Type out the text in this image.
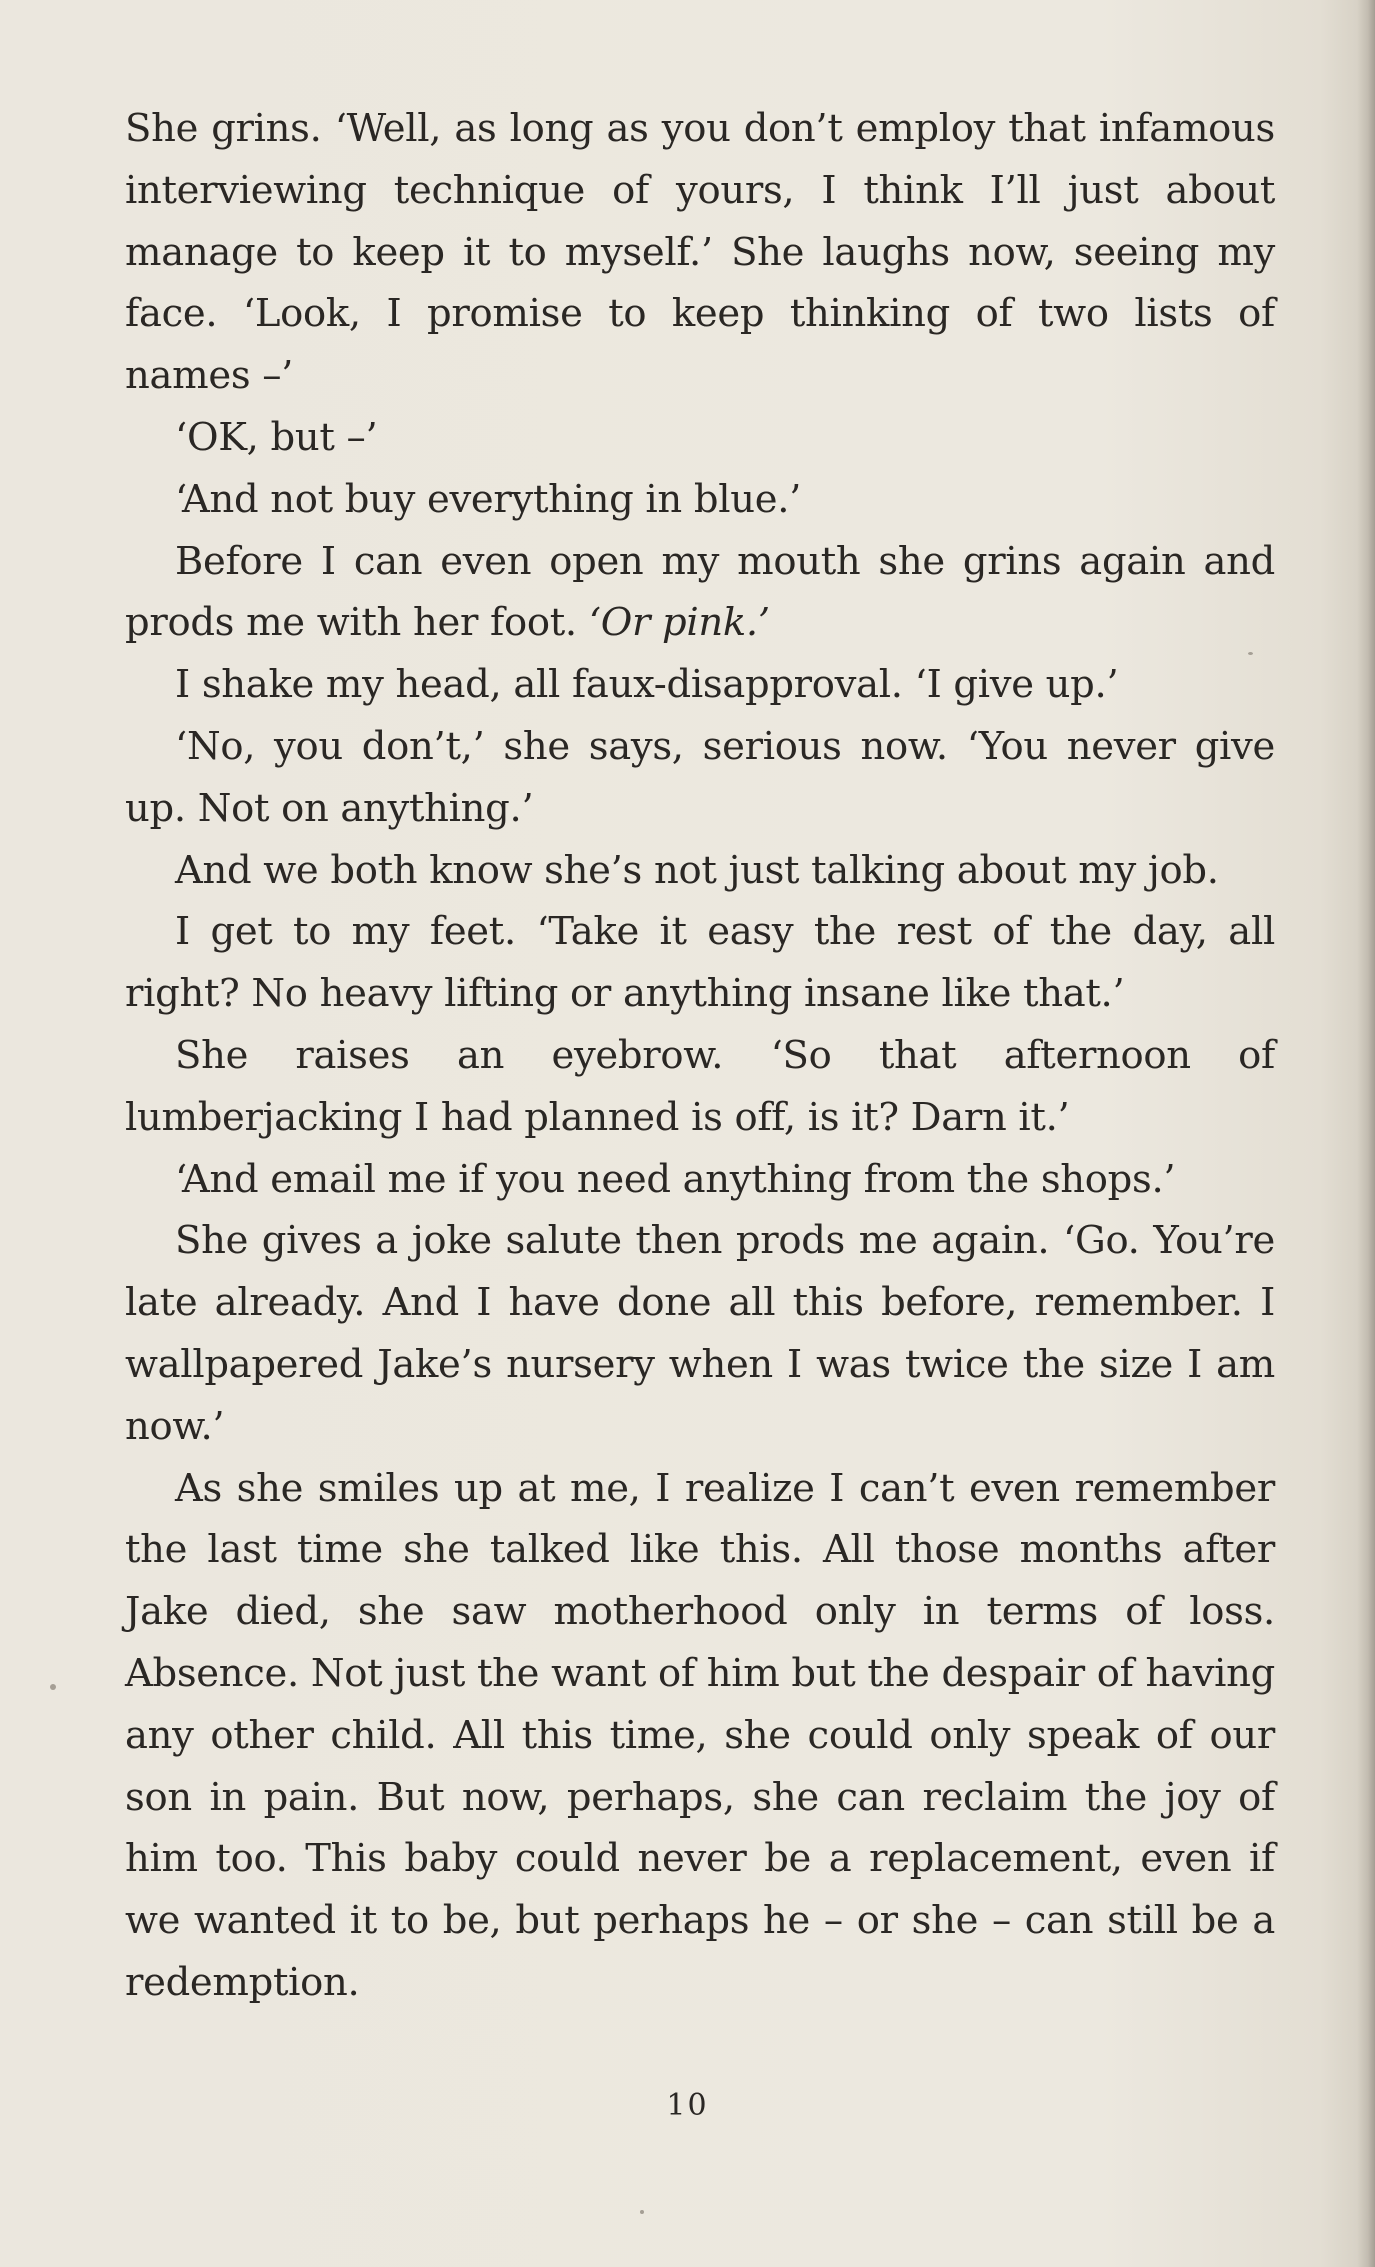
She grins. ‘Well, as long as you don’t employ that infamous interviewing technique of yours, I think I’ll just about manage to keep it to myself.’ She laughs now, seeing my face. ‘Look, I promise to keep thinking of two lists of names –’

‘OK, but –’

‘And not buy everything in blue.’

Before I can even open my mouth she grins again and prods me with her foot. ‘Or pink.’

I shake my head, all faux-disapproval. ‘I give up.’

‘No, you don’t,’ she says, serious now. ‘You never give up. Not on anything.’

And we both know she’s not just talking about my job.

I get to my feet. ‘Take it easy the rest of the day, all right? No heavy lifting or anything insane like that.’

She raises an eyebrow. ‘So that afternoon of lumberjacking I had planned is off, is it? Darn it.’

‘And email me if you need anything from the shops.’

She gives a joke salute then prods me again. ‘Go. You’re late already. And I have done all this before, remember. I wallpapered Jake’s nursery when I was twice the size I am now.’

As she smiles up at me, I realize I can’t even remember the last time she talked like this. All those months after Jake died, she saw motherhood only in terms of loss. Absence. Not just the want of him but the despair of having any other child. All this time, she could only speak of our son in pain. But now, perhaps, she can reclaim the joy of him too. This baby could never be a replacement, even if we wanted it to be, but perhaps he – or she – can still be a redemption.

10
